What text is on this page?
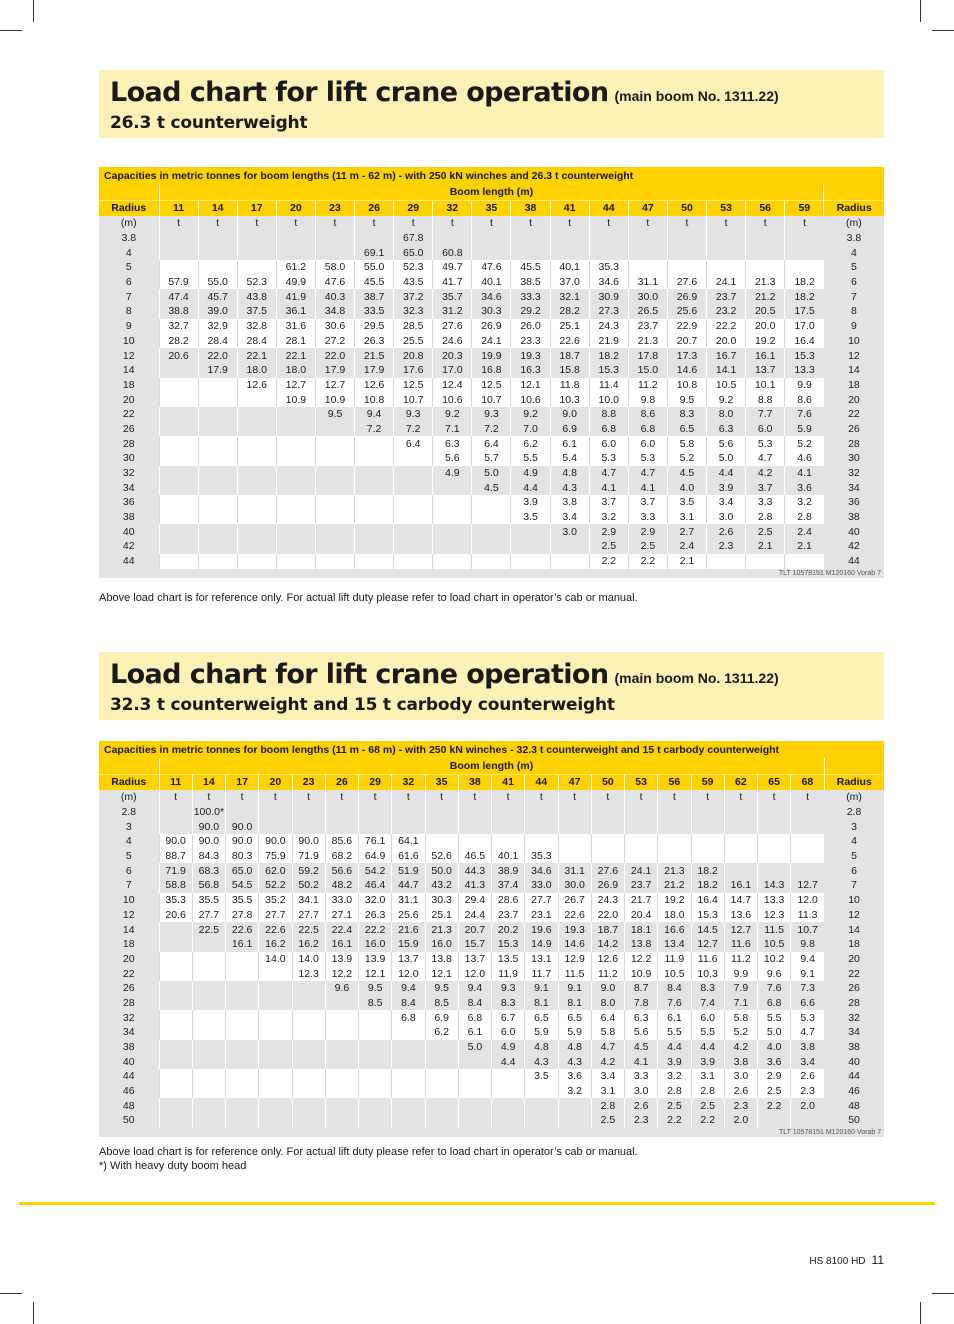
Load chart for lift crane operation (main boom No. 1311.22)
26.3 t counterweight
Capacities in metric tonnes for boom lengths (11 m - 62 m) - with 250 kN winches and 26.3 t counterweight																		
	Boom length (m)																	
Radius	11	14	17	20	23	26	29	32	35	38	41	44	47	50	53	56	59	Radius
(m)	t	t	t	t	t	t	t	t	t	t	t	t	t	t	t	t	t	(m)
3.8							67.8											3.8
4						69.1	65.0	60.8										4
5				61.2	58.0	55.0	52.3	49.7	47.6	45.5	40.1	35.3						5
6	57.9	55.0	52.3	49.9	47.6	45.5	43.5	41.7	40.1	38.5	37.0	34.6	31.1	27.6	24.1	21.3	18.2	6
7	47.4	45.7	43.8	41.9	40.3	38.7	37.2	35.7	34.6	33.3	32.1	30.9	30.0	26.9	23.7	21.2	18.2	7
8	38.8	39.0	37.5	36.1	34.8	33.5	32.3	31.2	30.3	29.2	28.2	27.3	26.5	25.6	23.2	20.5	17.5	8
9	32.7	32.9	32.8	31.6	30.6	29.5	28.5	27.6	26.9	26.0	25.1	24.3	23.7	22.9	22.2	20.0	17.0	9
10	28.2	28.4	28.4	28.1	27.2	26.3	25.5	24.6	24.1	23.3	22.6	21.9	21.3	20.7	20.0	19.2	16.4	10
12	20.6	22.0	22.1	22.1	22.0	21.5	20.8	20.3	19.9	19.3	18.7	18.2	17.8	17.3	16.7	16.1	15.3	12
14		17.9	18.0	18.0	17.9	17.9	17.6	17.0	16.8	16.3	15.8	15.3	15.0	14.6	14.1	13.7	13.3	14
18			12.6	12.7	12.7	12.6	12.5	12.4	12.5	12.1	11.8	11.4	11.2	10.8	10.5	10.1	9.9	18
20				10.9	10.9	10.8	10.7	10.6	10.7	10.6	10.3	10.0	9.8	9.5	9.2	8.8	8.6	20
22					9.5	9.4	9.3	9.2	9.3	9.2	9.0	8.8	8.6	8.3	8.0	7.7	7.6	22
26						7.2	7.2	7.1	7.2	7.0	6.9	6.8	6.8	6.5	6.3	6.0	5.9	26
28							6.4	6.3	6.4	6.2	6.1	6.0	6.0	5.8	5.6	5.3	5.2	28
30								5.6	5.7	5.5	5.4	5.3	5.3	5.2	5.0	4.7	4.6	30
32								4.9	5.0	4.9	4.8	4.7	4.7	4.5	4.4	4.2	4.1	32
34									4.5	4.4	4.3	4.1	4.1	4.0	3.9	3.7	3.6	34
36										3.9	3.8	3.7	3.7	3.5	3.4	3.3	3.2	36
38										3.5	3.4	3.2	3.3	3.1	3.0	2.8	2.8	38
40											3.0	2.9	2.9	2.7	2.6	2.5	2.4	40
42												2.5	2.5	2.4	2.3	2.1	2.1	42
44												2.2	2.2	2.1				44
TLT 10578151 M120160 Vorab 7																		
Above load chart is for reference only. For actual lift duty please refer to load chart in operator’s cab or manual.
Load chart for lift crane operation (main boom No. 1311.22)
32.3 t counterweight and 15 t carbody counterweight
Capacities in metric tonnes for boom lengths (11 m - 68 m) - with 250 kN winches - 32.3 t counterweight and 15 t carbody counterweight																					
	Boom length (m)																				
Radius	11	14	17	20	23	26	29	32	35	38	41	44	47	50	53	56	59	62	65	68	Radius
(m)	t	t	t	t	t	t	t	t	t	t	t	t	t	t	t	t	t	t	t	t	(m)
2.8		100.0*																			2.8
3		90.0	90.0																		3
4	90.0	90.0	90.0	90.0	90.0	85.6	76.1	64.1													4
5	88.7	84.3	80.3	75.9	71.9	68.2	64.9	61.6	52.6	46.5	40.1	35.3									5
6	71.9	68.3	65.0	62.0	59.2	56.6	54.2	51.9	50.0	44.3	38.9	34.6	31.1	27.6	24.1	21.3	18.2				6
7	58.8	56.8	54.5	52.2	50.2	48.2	46.4	44.7	43.2	41.3	37.4	33.0	30.0	26.9	23.7	21.2	18.2	16.1	14.3	12.7	7
10	35.3	35.5	35.5	35.2	34.1	33.0	32.0	31.1	30.3	29.4	28.6	27.7	26.7	24.3	21.7	19.2	16.4	14.7	13.3	12.0	10
12	20.6	27.7	27.8	27.7	27.7	27.1	26.3	25.6	25.1	24.4	23.7	23.1	22.6	22.0	20.4	18.0	15.3	13.6	12.3	11.3	12
14		22.5	22.6	22.6	22.5	22.4	22.2	21.6	21.3	20.7	20.2	19.6	19.3	18.7	18.1	16.6	14.5	12.7	11.5	10.7	14
18			16.1	16.2	16.2	16.1	16.0	15.9	16.0	15.7	15.3	14.9	14.6	14.2	13.8	13.4	12.7	11.6	10.5	9.8	18
20				14.0	14.0	13.9	13.9	13.7	13.8	13.7	13.5	13.1	12.9	12.6	12.2	11.9	11.6	11.2	10.2	9.4	20
22					12.3	12.2	12.1	12.0	12.1	12.0	11.9	11.7	11.5	11.2	10.9	10.5	10.3	9.9	9.6	9.1	22
26						9.6	9.5	9.4	9.5	9.4	9.3	9.1	9.1	9.0	8.7	8.4	8.3	7.9	7.6	7.3	26
28							8.5	8.4	8.5	8.4	8.3	8.1	8.1	8.0	7.8	7.6	7.4	7.1	6.8	6.6	28
32								6.8	6.9	6.8	6.7	6.5	6.5	6.4	6.3	6.1	6.0	5.8	5.5	5.3	32
34									6.2	6.1	6.0	5.9	5.9	5.8	5.6	5.5	5.5	5.2	5.0	4.7	34
38										5.0	4.9	4.8	4.8	4.7	4.5	4.4	4.4	4.2	4.0	3.8	38
40											4.4	4.3	4.3	4.2	4.1	3.9	3.9	3.8	3.6	3.4	40
44												3.5	3.6	3.4	3.3	3.2	3.1	3.0	2.9	2.6	44
46													3.2	3.1	3.0	2.8	2.8	2.6	2.5	2.3	46
48														2.8	2.6	2.5	2.5	2.3	2.2	2.0	48
50														2.5	2.3	2.2	2.2	2.0			50
TLT 10578151 M120160 Vorab 7																					
Above load chart is for reference only. For actual lift duty please refer to load chart in operator’s cab or manual.
*) With heavy duty boom head
HS 8100 HD 11
